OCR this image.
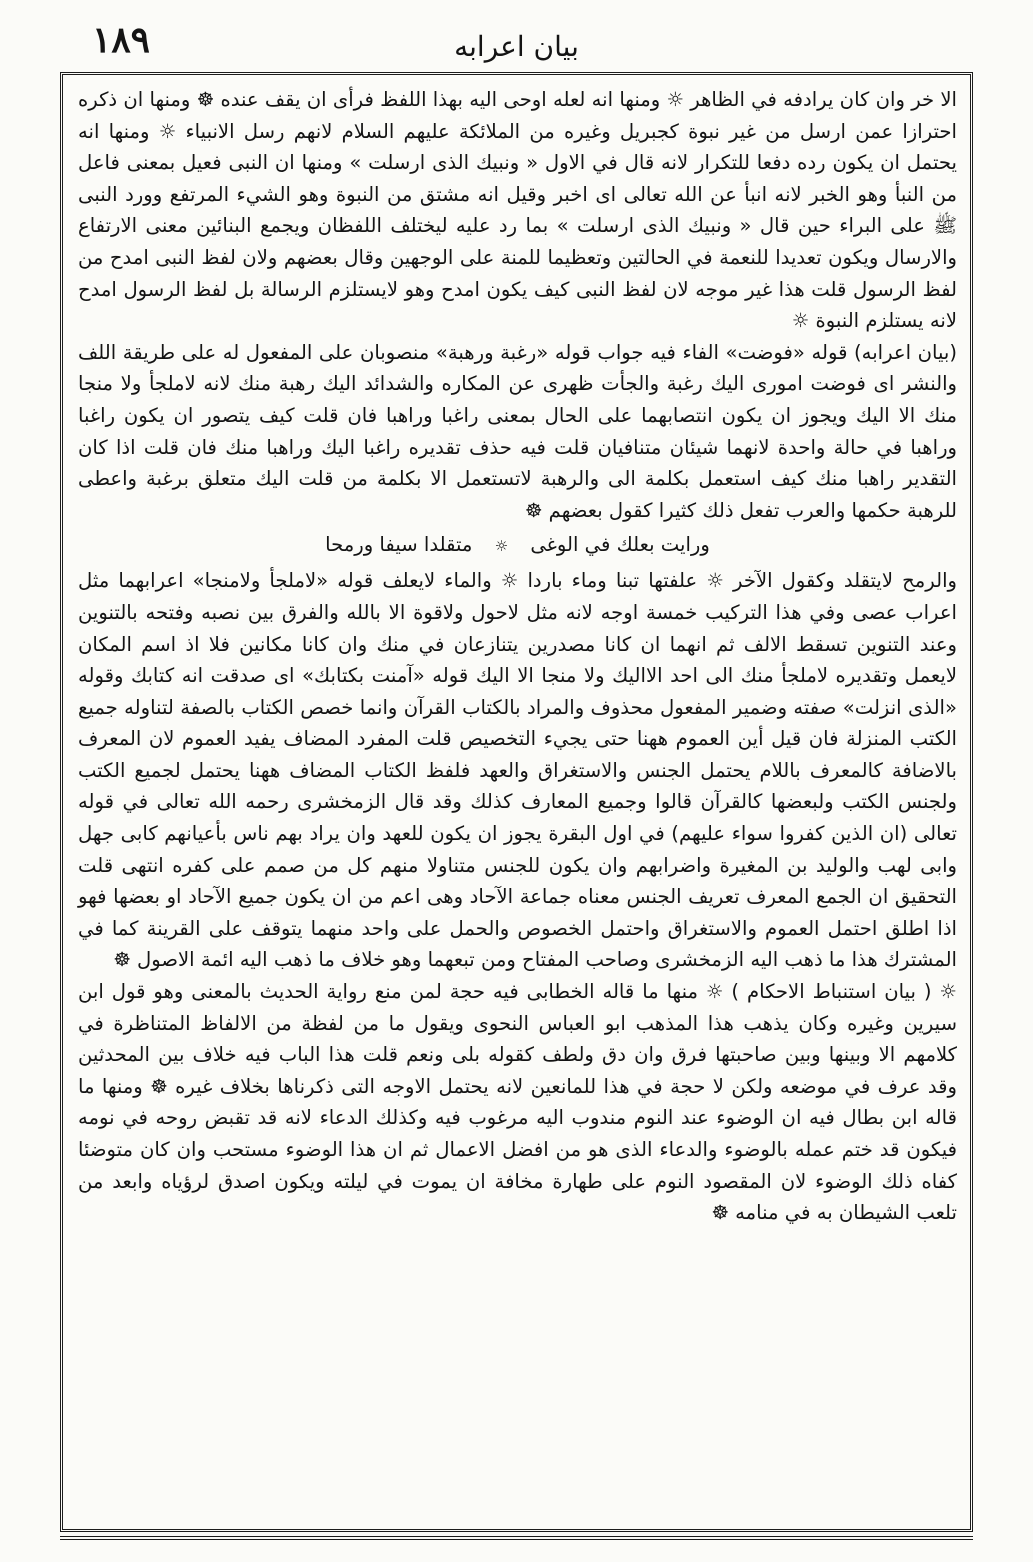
١٨٩	بيان اعرابه

الا خر وان كان يرادفه في الظاهر ☼ ومنها انه لعله اوحى اليه بهذا اللفظ فرأى ان يقف عنده ☸ ومنها ان ذكره احترازا عمن ارسل من غير نبوة كجبريل وغيره من الملائكة عليهم السلام لانهم رسل الانبياء ☼ ومنها انه يحتمل ان يكون رده دفعا للتكرار لانه قال في الاول « ونبيك الذى ارسلت » ومنها ان النبى فعيل بمعنى فاعل من النبأ وهو الخبر لانه انبأ عن الله تعالى اى اخبر وقيل انه مشتق من النبوة وهو الشيء المرتفع وورد النبى ﷺ على البراء حين قال « ونبيك الذى ارسلت » بما رد عليه ليختلف اللفظان ويجمع البنائين معنى الارتفاع والارسال ويكون تعديدا للنعمة في الحالتين وتعظيما للمنة على الوجهين وقال بعضهم ولان لفظ النبى امدح من لفظ الرسول قلت هذا غير موجه لان لفظ النبى كيف يكون امدح وهو لايستلزم الرسالة بل لفظ الرسول امدح لانه يستلزم النبوة ☼

(بيان اعرابه) قوله «فوضت» الفاء فيه جواب قوله «رغبة ورهبة» منصوبان على المفعول له على طريقة اللف والنشر اى فوضت امورى اليك رغبة والجأت ظهرى عن المكاره والشدائد اليك رهبة منك لانه لاملجأ ولا منجا منك الا اليك ويجوز ان يكون انتصابهما على الحال بمعنى راغبا وراهبا فان قلت كيف يتصور ان يكون راغبا وراهبا في حالة واحدة لانهما شيئان متنافيان قلت فيه حذف تقديره راغبا اليك وراهبا منك فان قلت اذا كان التقدير راهبا منك كيف استعمل بكلمة الى والرهبة لاتستعمل الا بكلمة من قلت اليك متعلق برغبة واعطى للرهبة حكمها والعرب تفعل ذلك كثيرا كقول بعضهم ☸

ورايت بعلك في الوغى ☼ متقلدا سيفا ورمحا

والرمح لايتقلد وكقول الآخر ☼ علفتها تبنا وماء باردا ☼ والماء لايعلف قوله «لاملجأ ولامنجا» اعرابهما مثل اعراب عصى وفي هذا التركيب خمسة اوجه لانه مثل لاحول ولاقوة الا بالله والفرق بين نصبه وفتحه بالتنوين وعند التنوين تسقط الالف ثم انهما ان كانا مصدرين يتنازعان في منك وان كانا مكانين فلا اذ اسم المكان لايعمل وتقديره لاملجأ منك الى احد الااليك ولا منجا الا اليك قوله «آمنت بكتابك» اى صدقت انه كتابك وقوله «الذى انزلت» صفته وضمير المفعول محذوف والمراد بالكتاب القرآن وانما خصص الكتاب بالصفة لتناوله جميع الكتب المنزلة فان قيل أين العموم ههنا حتى يجيء التخصيص قلت المفرد المضاف يفيد العموم لان المعرف بالاضافة كالمعرف باللام يحتمل الجنس والاستغراق والعهد فلفظ الكتاب المضاف ههنا يحتمل لجميع الكتب ولجنس الكتب ولبعضها كالقرآن قالوا وجميع المعارف كذلك وقد قال الزمخشرى رحمه الله تعالى في قوله تعالى (ان الذين كفروا سواء عليهم) في اول البقرة يجوز ان يكون للعهد وان يراد بهم ناس بأعيانهم كابى جهل وابى لهب والوليد بن المغيرة واضرابهم وان يكون للجنس متناولا منهم كل من صمم على كفره انتهى قلت التحقيق ان الجمع المعرف تعريف الجنس معناه جماعة الآحاد وهى اعم من ان يكون جميع الآحاد او بعضها فهو اذا اطلق احتمل العموم والاستغراق واحتمل الخصوص والحمل على واحد منهما يتوقف على القرينة كما في المشترك هذا ما ذهب اليه الزمخشرى وصاحب المفتاح ومن تبعهما وهو خلاف ما ذهب اليه ائمة الاصول ☸

☼ ( بيان استنباط الاحكام ) ☼ منها ما قاله الخطابى فيه حجة لمن منع رواية الحديث بالمعنى وهو قول ابن سيرين وغيره وكان يذهب هذا المذهب ابو العباس النحوى ويقول ما من لفظة من الالفاظ المتناظرة في كلامهم الا وبينها وبين صاحبتها فرق وان دق ولطف كقوله بلى ونعم قلت هذا الباب فيه خلاف بين المحدثين وقد عرف في موضعه ولكن لا حجة في هذا للمانعين لانه يحتمل الاوجه التى ذكرناها بخلاف غيره ☸ ومنها ما قاله ابن بطال فيه ان الوضوء عند النوم مندوب اليه مرغوب فيه وكذلك الدعاء لانه قد تقبض روحه في نومه فيكون قد ختم عمله بالوضوء والدعاء الذى هو من افضل الاعمال ثم ان هذا الوضوء مستحب وان كان متوضئا كفاه ذلك الوضوء لان المقصود النوم على طهارة مخافة ان يموت في ليلته ويكون اصدق لرؤياه وابعد من تلعب الشيطان به في منامه ☸
